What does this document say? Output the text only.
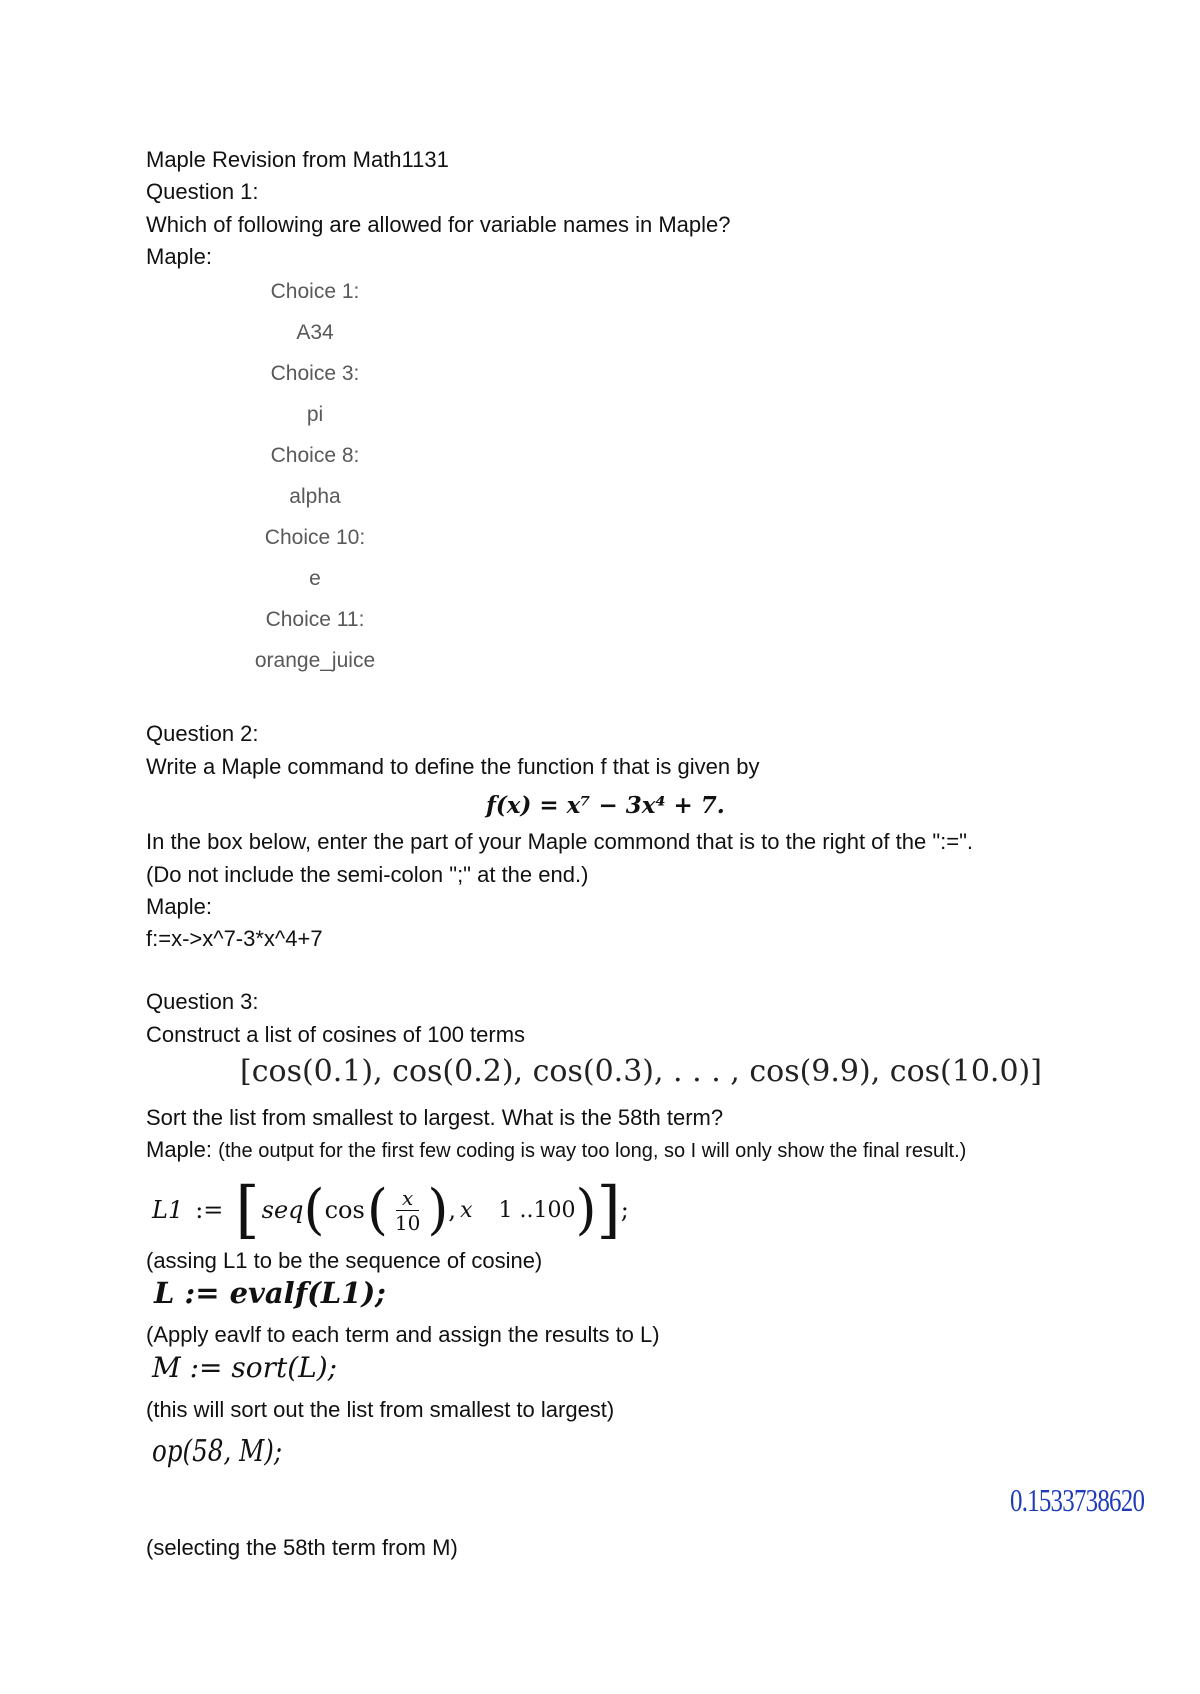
Maple Revision from Math1131
Question 1:
Which of following are allowed for variable names in Maple?
Maple:
Choice 1:
A34
Choice 3:
pi
Choice 8:
alpha
Choice 10:
e
Choice 11:
orange_juice
Question 2:
Write a Maple command to define the function f that is given by
f(x) = x⁷ − 3x⁴ + 7.
In the box below, enter the part of your Maple commond that is to the right of the ":=".
(Do not include the semi-colon ";" at the end.)
Maple:
f:=x->x^7-3*x^4+7
Question 3:
Construct a list of cosines of 100 terms
[cos(0.1), cos(0.2), cos(0.3), . . . , cos(9.9), cos(10.0)]
Sort the list from smallest to largest. What is the 58th term?
Maple: (the output for the first few coding is way too long, so I will only show the final result.)
L1 := [ seq ( cos ( $\frac{x}{10}$ ) , x 1 ..100 ) ] ;
(assing L1 to be the sequence of cosine)
L := evalf(L1);
(Apply eavlf to each term and assign the results to L)
M := sort(L);
(this will sort out the list from smallest to largest)
op(58, M);
0.1533738620
(selecting the 58th term from M)
